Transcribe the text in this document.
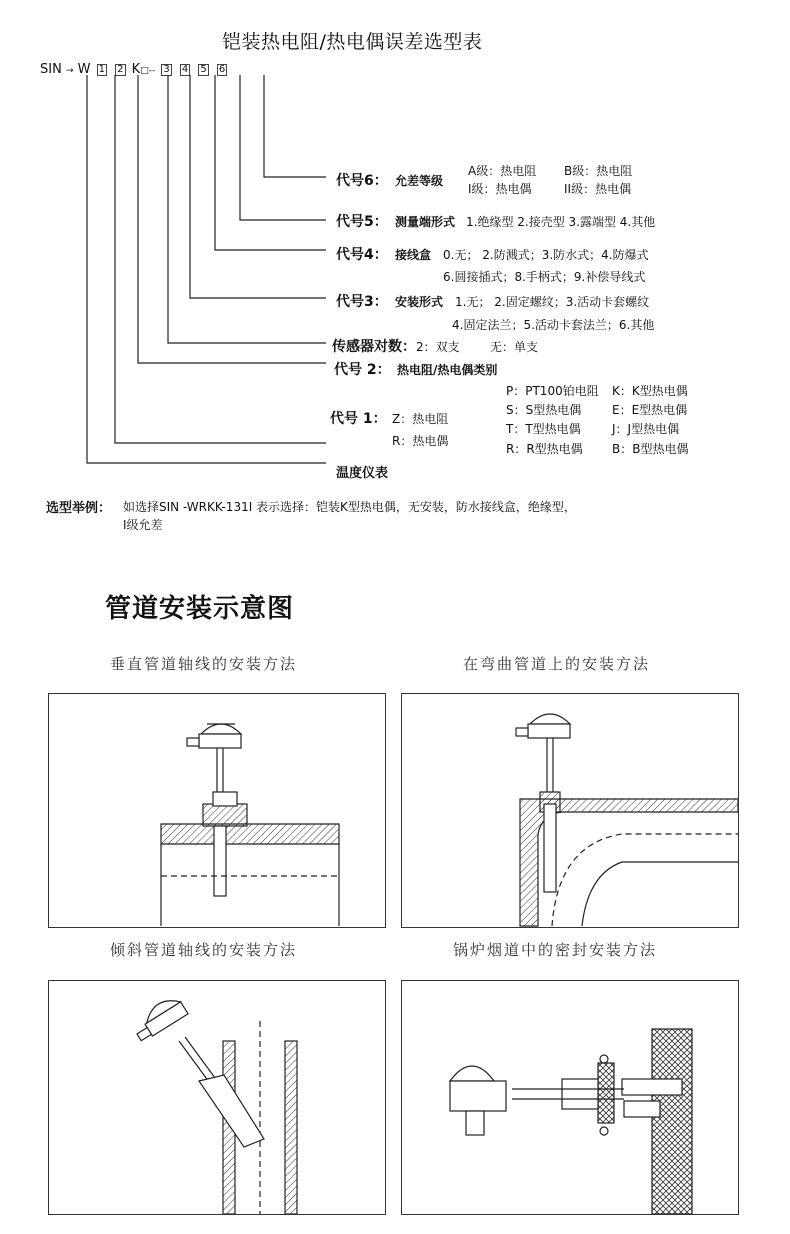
铠装热电阻/热电偶误差选型表
SIN → W 1 2 K□-- 3 4 5 6
代号6： 允差等级
A级：热电阻 B级：热电阻
I级：热电偶	II级：热电偶
代号5： 测量端形式 1.绝缘型 2.接壳型 3.露端型 4.其他
代号4： 接线盒 0.无； 2.防溅式；3.防水式；4.防爆式
6.圆接插式；8.手柄式；9.补偿导线式
代号3： 安装形式 1.无； 2.固定螺纹；3.活动卡套螺纹
4.固定法兰；5.活动卡套法兰；6.其他
传感器对数： 2：双支	无：单支
代号 2： 热电阻/热电偶类别
P：PT100铂电阻 K：K型热电偶
S：S型热电偶	E：E型热电偶
T：T型热电偶	J：J型热电偶
R：R型热电偶 B：B型热电偶
代号 1： Z：热电阻
R：热电偶
温度仪表
选型举例： 如选择SIN -WRKK-131I 表示选择：铠装K型热电偶，无安装，防水接线盒，绝缘型，
I级允差
管道安装示意图
垂直管道轴线的安装方法	在弯曲管道上的安装方法
倾斜管道轴线的安装方法	锅炉烟道中的密封安装方法
